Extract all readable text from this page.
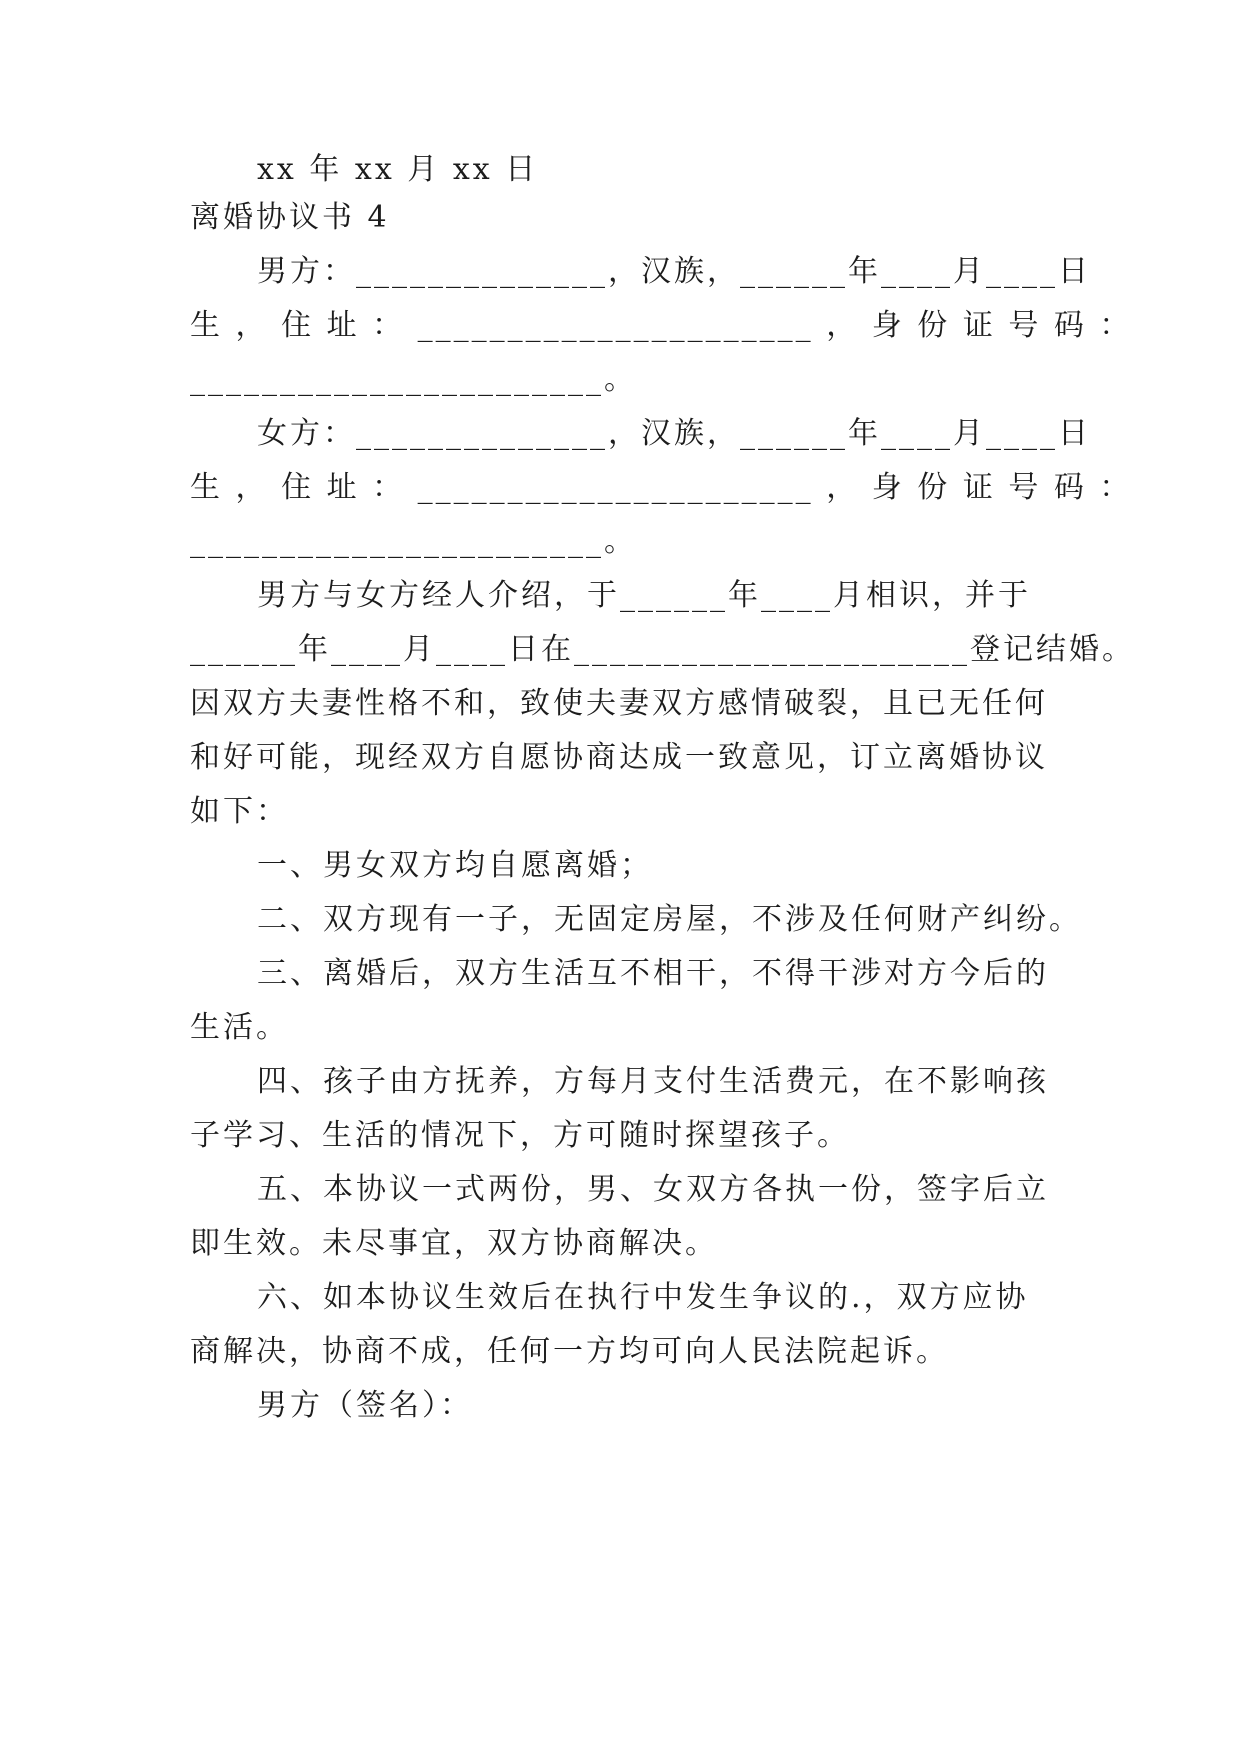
xx 年 xx 月 xx 日
离婚协议书 4
男方：______________，汉族，______年____月____日
生 ， 住 址 ： ______________________ ， 身 份 证 号 码 ：
_______________________。
女方：______________，汉族，______年____月____日
生 ， 住 址 ： ______________________ ， 身 份 证 号 码 ：
_______________________。
男方与女方经人介绍，于______年____月相识，并于
______年____月____日在______________________登记结婚。
因双方夫妻性格不和，致使夫妻双方感情破裂，且已无任何
和好可能，现经双方自愿协商达成一致意见，订立离婚协议
如下：
一、男女双方均自愿离婚；
二、双方现有一子，无固定房屋，不涉及任何财产纠纷。
三、离婚后，双方生活互不相干，不得干涉对方今后的
生活。
四、孩子由方抚养，方每月支付生活费元，在不影响孩
子学习、生活的情况下，方可随时探望孩子。
五、本协议一式两份，男、女双方各执一份，签字后立
即生效。未尽事宜，双方协商解决。
六、如本协议生效后在执行中发生争议的.，双方应协
商解决，协商不成，任何一方均可向人民法院起诉。
男方（签名）：
